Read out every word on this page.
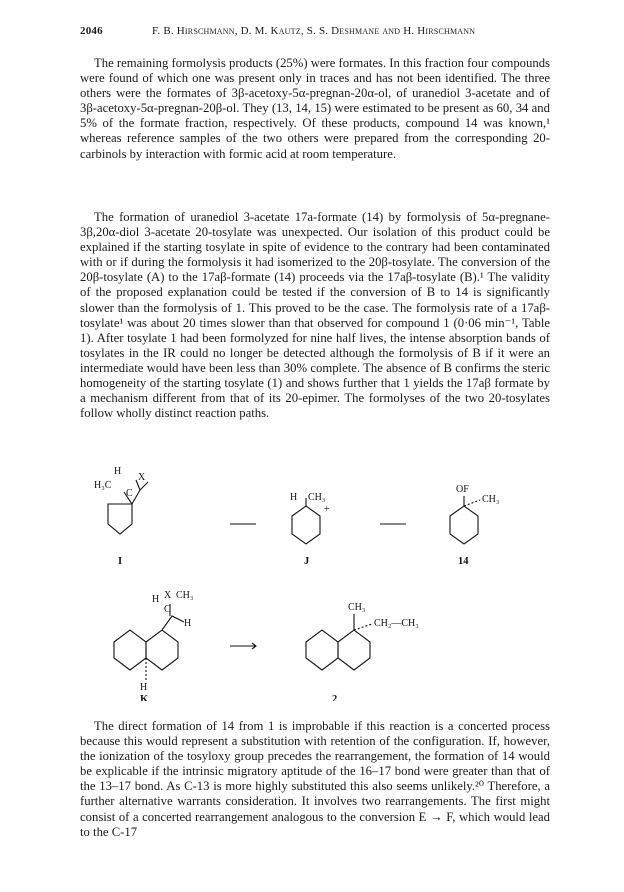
2046	F. B. Hirschmann, D. M. Kautz, S. S. Deshmane and H. Hirschmann

The remaining formolysis products (25%) were formates. In this fraction four compounds were found of which one was present only in traces and has not been identified. The three others were the formates of 3β-acetoxy-5α-pregnan-20α-ol, of uranediol 3-acetate and of 3β-acetoxy-5α-pregnan-20β-ol. They (13, 14, 15) were estimated to be present as 60, 34 and 5% of the formate fraction, respectively. Of these products, compound 14 was known,¹ whereas reference samples of the two others were prepared from the corresponding 20-carbinols by interaction with formic acid at room temperature.

The formation of uranediol 3-acetate 17a-formate (14) by formolysis of 5α-pregnane-3β,20α-diol 3-acetate 20-tosylate was unexpected. Our isolation of this product could be explained if the starting tosylate in spite of evidence to the contrary had been contaminated with or if during the formolysis it had isomerized to the 20β-tosylate. The conversion of the 20β-tosylate (A) to the 17aβ-formate (14) proceeds via the 17aβ-tosylate (B).¹ The validity of the proposed explanation could be tested if the conversion of B to 14 is significantly slower than the formolysis of 1. This proved to be the case. The formolysis rate of a 17aβ-tosylate¹ was about 20 times slower than that observed for compound 1 (0·06 min⁻¹, Table 1). After tosylate 1 had been formolyzed for nine half lives, the intense absorption bands of tosylates in the IR could no longer be detected although the formolysis of B if it were an intermediate would have been less than 30% complete. The absence of B confirms the steric homogeneity of the starting tosylate (1) and shows further that 1 yields the 17aβ formate by a mechanism different from that of its 20-epimer. The formolyses of the two 20-tosylates follow wholly distinct reaction paths.

H
H₃C
X
C
I
H CH₃
+
J
OF
CH₃
14
H X CH₃
C
H
H
K
CH₃
CH₂—CH₃
2

The direct formation of 14 from 1 is improbable if this reaction is a concerted process because this would represent a substitution with retention of the configuration. If, however, the ionization of the tosyloxy group precedes the rearrangement, the formation of 14 would be explicable if the intrinsic migratory aptitude of the 16–17 bond were greater than that of the 13–17 bond. As C-13 is more highly substituted this also seems unlikely.²⁰ Therefore, a further alternative warrants consideration. It involves two rearrangements. The first might consist of a concerted rearrangement analogous to the conversion E → F, which would lead to the C-17
